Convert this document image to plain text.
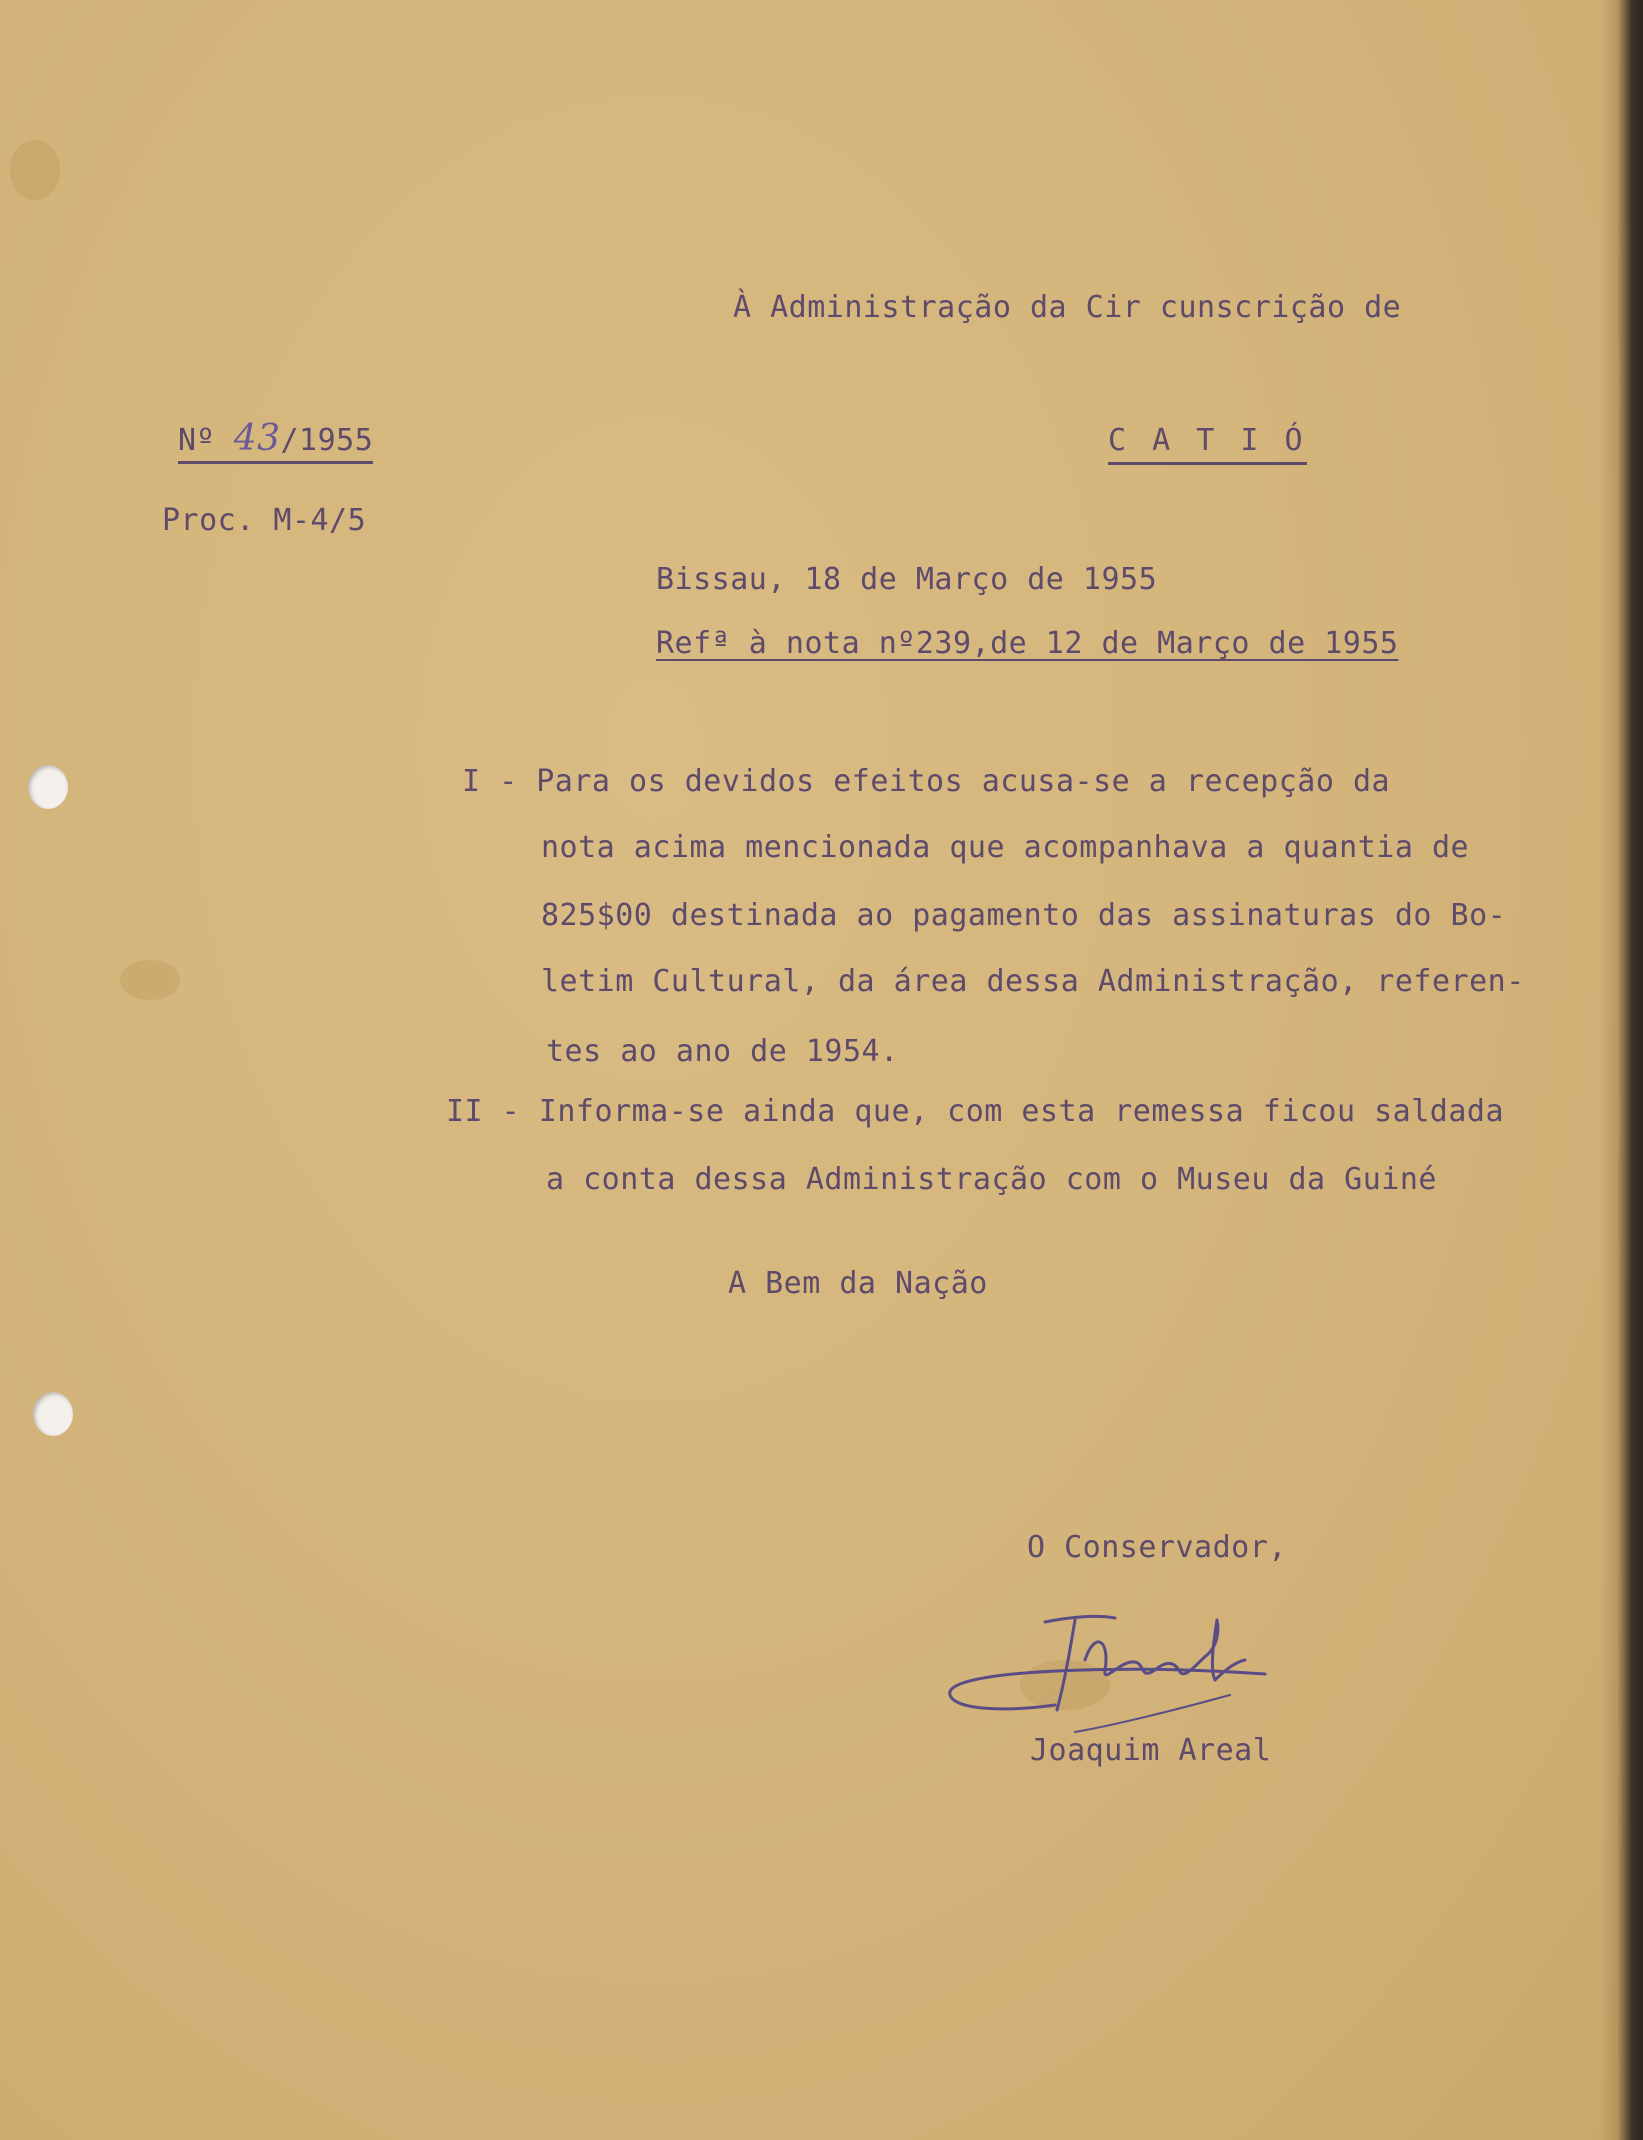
À Administração da Cir cunscrição de
C A T I Ó
Nº 43/1955
Proc. M-4/5
Bissau, 18 de Março de 1955
Refª à nota nº239,de 12 de Março de 1955
I - Para os devidos efeitos acusa-se a recepção da
nota acima mencionada que acompanhava a quantia de
825$00 destinada ao pagamento das assinaturas do Bo-
letim Cultural, da área dessa Administração, referen-
tes ao ano de 1954.
II - Informa-se ainda que, com esta remessa ficou saldada
a conta dessa Administração com o Museu da Guiné
A Bem da Nação
O Conservador,
Joaquim Areal
